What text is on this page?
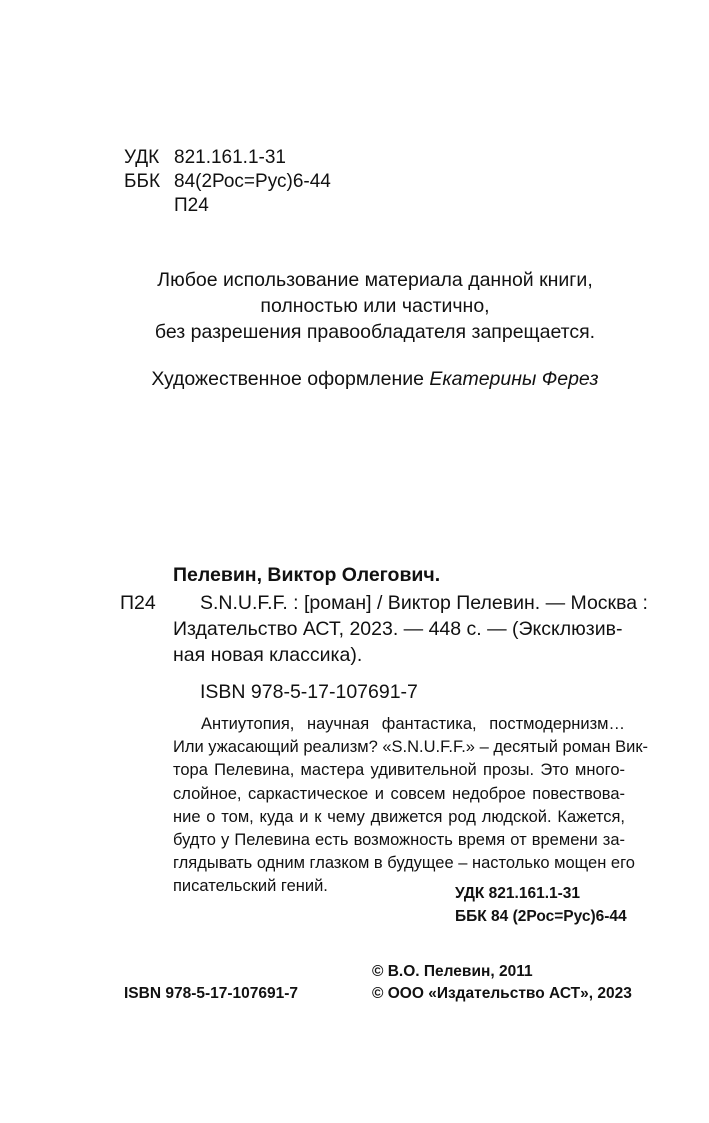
УДК 821.161.1-31
ББК 84(2Рос=Рус)6-44
П24
Любое использование материала данной книги,
полностью или частично,
без разрешения правообладателя запрещается.
Художественное оформление Екатерины Ферез
Пелевин, Виктор Олегович.
П24 S.N.U.F.F. : [роман] / Виктор Пелевин. — Москва :
Издательство АСТ, 2023. — 448 с. — (Эксклюзив-
ная новая классика).
ISBN 978-5-17-107691-7
Антиутопия, научная фантастика, постмодернизм…
Или ужасающий реализм? «S.N.U.F.F.» – десятый роман Вик-
тора Пелевина, мастера удивительной прозы. Это много-
слойное, саркастическое и совсем недоброе повествова-
ние о том, куда и к чему движется род людской. Кажется,
будто у Пелевина есть возможность время от времени за-
глядывать одним глазком в будущее – настолько мощен его
писательский гений.	УДК 821.161.1-31
ББК 84 (2Рос=Рус)6-44
ISBN 978-5-17-107691-7
© В.О. Пелевин, 2011
© ООО «Издательство АСТ», 2023
